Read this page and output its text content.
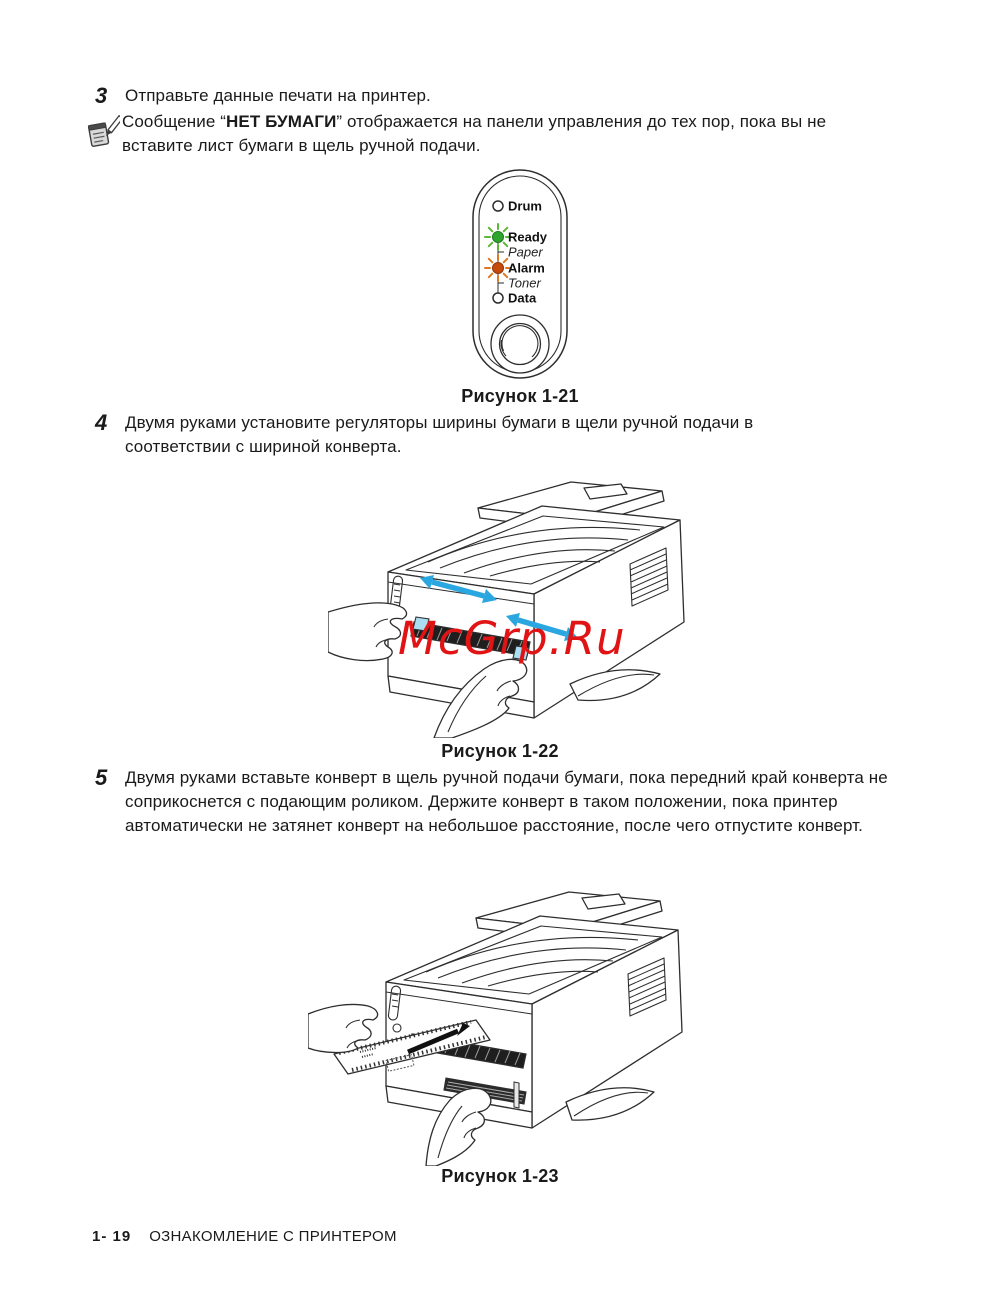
3	Отправьте данные печати на принтер.
Сообщение “НЕТ БУМАГИ” отображается на панели управления до тех пор, пока вы не вставите лист бумаги в щель ручной подачи.
Drum
Ready
Paper
Alarm
Toner
Data
Рисунок 1-21
4	Двумя руками установите регуляторы ширины бумаги в щели ручной подачи в соответствии с шириной конверта.
McGrp.Ru
Рисунок 1-22
5	Двумя руками вставьте конверт в щель ручной подачи бумаги, пока передний край конверта не соприкоснется с подающим роликом. Держите конверт в таком положении, пока принтер автоматически не затянет конверт на небольшое расстояние, после чего отпустите конверт.
Рисунок 1-23
1- 19 ОЗНАКОМЛЕНИЕ С ПРИНТЕРОМ
